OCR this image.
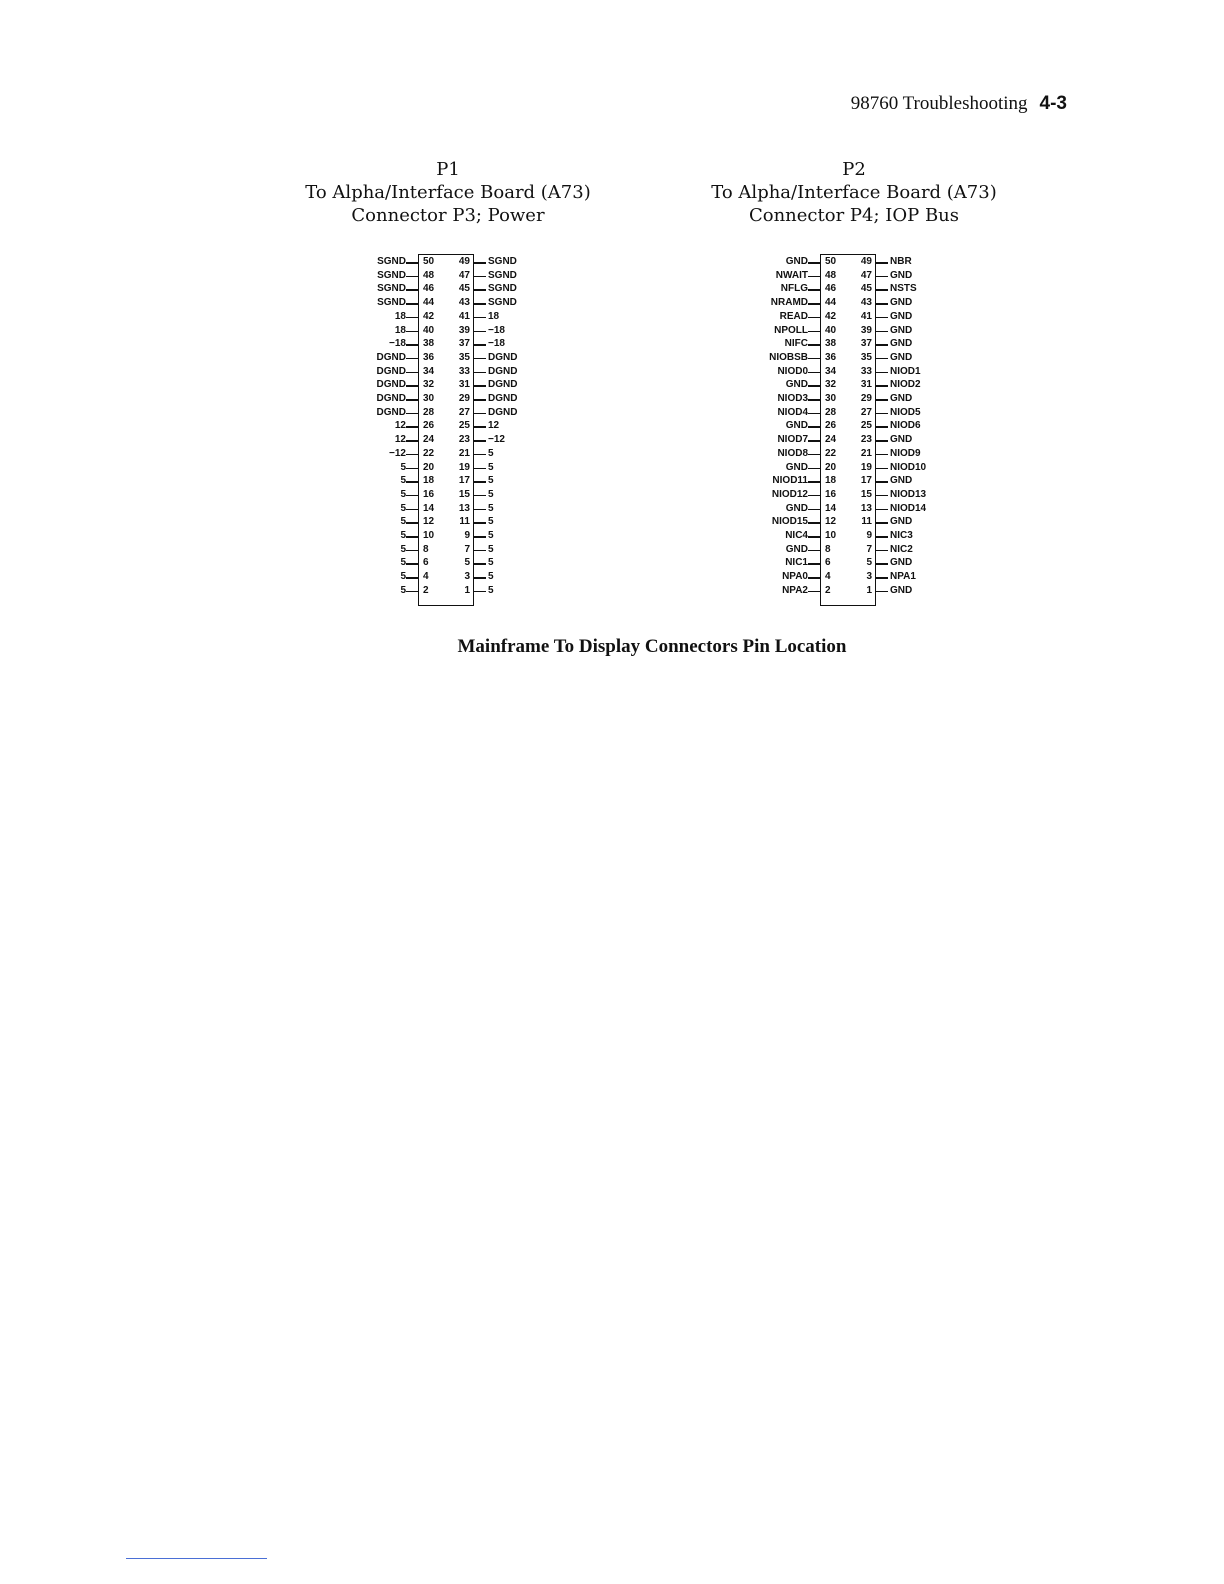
98760 Troubleshooting 4-3
P1
To Alpha/Interface Board (A73)
Connector P3; Power
SGND 50	49 SGND
SGND 48	47 SGND
SGND 46	45 SGND
SGND 44	43 SGND
18 42	41 18
18 40	39 −18
−18 38	37 −18
DGND 36	35 DGND
DGND 34	33 DGND
DGND 32	31 DGND
DGND 30	29 DGND
DGND 28	27 DGND
12 26	25 12
12 24	23 −12
−12 22	21 5
5 20	19 5
5 18	17 5
5 16	15 5
5 14	13 5
5 12	11 5
5 10	9 5
5 8	7 5
5 6	5 5
5 4	3 5
5 2	1 5
P2
To Alpha/Interface Board (A73)
Connector P4; IOP Bus
GND 50	49 NBR
NWAIT 48	47 GND
NFLG 46	45 NSTS
NRAMD 44	43 GND
READ 42	41 GND
NPOLL 40	39 GND
NIFC 38	37 GND
NIOBSB 36	35 GND
NIOD0 34	33 NIOD1
GND 32	31 NIOD2
NIOD3 30	29 GND
NIOD4 28	27 NIOD5
GND 26	25 NIOD6
NIOD7 24	23 GND
NIOD8 22	21 NIOD9
GND 20	19 NIOD10
NIOD11 18	17 GND
NIOD12 16	15 NIOD13
GND 14	13 NIOD14
NIOD15 12	11 GND
NIC4 10	9 NIC3
GND 8	7 NIC2
NIC1 6	5 GND
NPA0 4	3 NPA1
NPA2 2	1 GND
Mainframe To Display Connectors Pin Location
